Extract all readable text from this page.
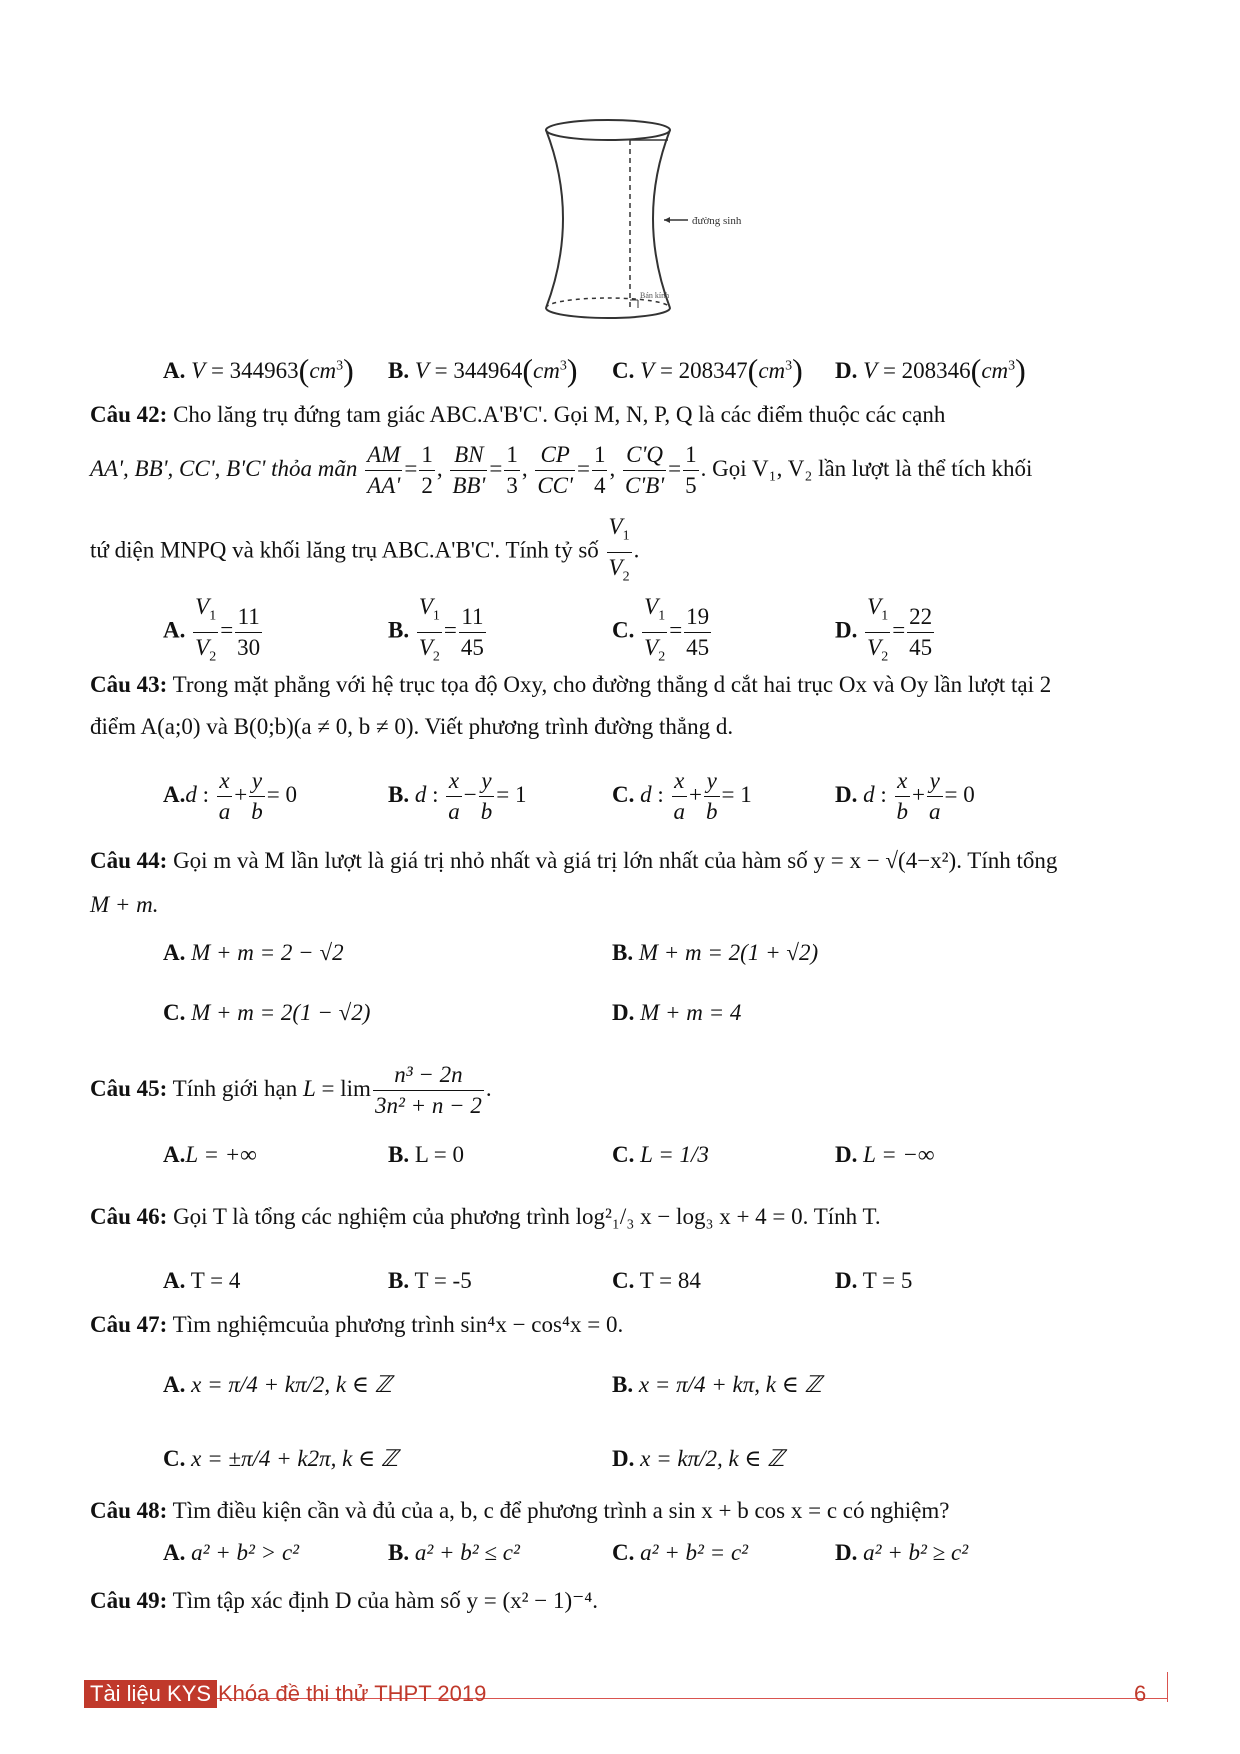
đường sinh
Bán kính
A. $V = 344963(cm^3)$ B. $V = 344964(cm^3)$ C. $V = 208347(cm^3)$ D. $V = 208346(cm^3)$
Câu 42: Cho lăng trụ đứng tam giác ABC.A'B'C'. Gọi M, N, P, Q là các điểm thuộc các cạnh
AA', BB', CC', B'C' thỏa mãn $\frac{AM}{AA'} = \frac{1}{2}$ , $\frac{BN}{BB'} = \frac{1}{3}$ , $\frac{CP}{CC'} = \frac{1}{4}$ , $\frac{C'Q}{C'B'} = \frac{1}{5}$ . Gọi V₁, V₂ lần lượt là thể tích khối
tứ diện MNPQ và khối lăng trụ ABC.A'B'C'. Tính tỷ số $\frac{V_1}{V_2}$ .
A. $\frac{V_1}{V_2} = \frac{11}{30}$	B. $\frac{V_1}{V_2} = \frac{11}{45}$	C. $\frac{V_1}{V_2} = \frac{19}{45}$	D. $\frac{V_1}{V_2} = \frac{22}{45}$
Câu 43: Trong mặt phẳng với hệ trục tọa độ Oxy, cho đường thẳng d cắt hai trục Ox và Oy lần lượt tại 2
điểm A(a;0) và B(0;b)(a ≠ 0, b ≠ 0). Viết phương trình đường thẳng d.
A.d : $\frac{x}{a} + \frac{y}{b} = 0$	B. d : $\frac{x}{a} - \frac{y}{b} = 1$	C. d : $\frac{x}{a} + \frac{y}{b} = 1$	D. d : $\frac{x}{b} + \frac{y}{a} = 0$
Câu 44: Gọi m và M lần lượt là giá trị nhỏ nhất và giá trị lớn nhất của hàm số y = x − √(4−x²). Tính tổng
M + m.
A. M + m = 2 − √2	B. M + m = 2(1 + √2)
C. M + m = 2(1 − √2)	D. M + m = 4
Câu 45: Tính giới hạn $L = \lim \frac{\text{n³ − 2n}}{\text{3n² + n − 2}}$ .
A.L = +∞	B. L = 0	C. L = 1/3	D. L = −∞
Câu 46: Gọi T là tổng các nghiệm của phương trình log²₁/₃ x − log₃ x + 4 = 0. Tính T.
A. T = 4	B. T = -5	C. T = 84	D. T = 5
Câu 47: Tìm nghiệmcuủa phương trình sin⁴x − cos⁴x = 0.
A. x = π/4 + kπ/2, k ∈ ℤ	B. x = π/4 + kπ, k ∈ ℤ
C. x = ±π/4 + k2π, k ∈ ℤ	D. x = kπ/2, k ∈ ℤ
Câu 48: Tìm điều kiện cần và đủ của a, b, c để phương trình a sin x + b cos x = c có nghiệm?
A. a² + b² > c²	B. a² + b² ≤ c²	C. a² + b² = c²	D. a² + b² ≥ c²
Câu 49: Tìm tập xác định D của hàm số y = (x² − 1)⁻⁴.
Tài liệu KYS Khóa đề thi thử THPT 2019	6
